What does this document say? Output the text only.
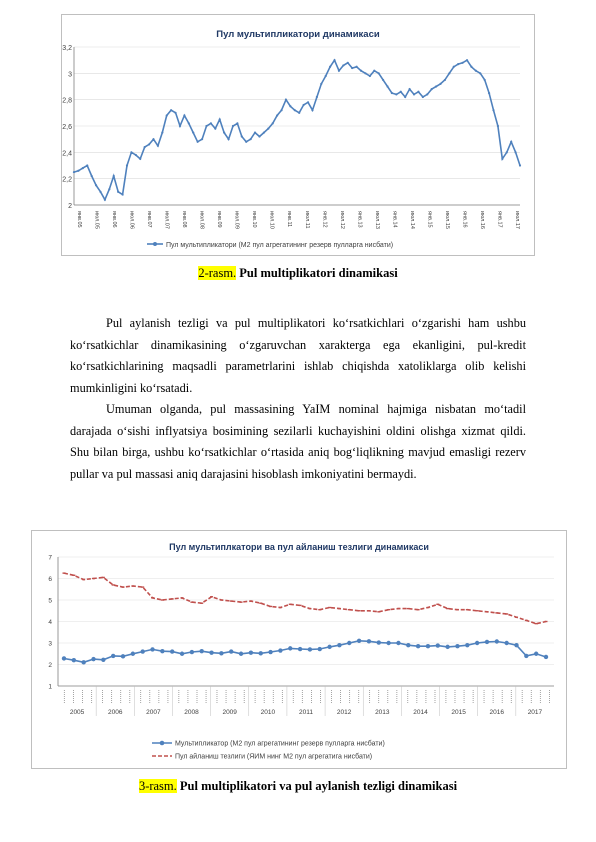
Пул мультипликатори динамикаси
2
2,2
2,4
2,6
2,8
3
3,2
янв.05 июл.05 янв.06 июл.06 янв.07 июл.07 янв.08 июл.08 янв.09 июл.09 янв.10 июл.10 янв.11 июл.11 янв.12 июл.12 янв.13 июл.13 янв.14 июл.14 янв.15 июл.15 янв.16 июл.16 янв.17 июл.17
Пул мультипликатори (М2 пул агрегатининг резерв пулларга нисбати)
2-rasm. Pul multiplikatori dinamikasi
Pul aylanish tezligi va pul multiplikatori ko‘rsatkichlari o‘zgarishi ham ushbu
ko‘rsatkichlar dinamikasining o‘zgaruvchan xarakterga ega ekanligini, pul-kredit
ko‘rsatkichlarining maqsadli parametrlarini ishlab chiqishda xatoliklarga olib kelishi
mumkinligini ko‘rsatadi.
Umuman olganda, pul massasining YaIM nominal hajmiga nisbatan mo‘tadil
darajada o‘sishi inflyatsiya bosimining sezilarli kuchayishini oldini olishga xizmat qildi.
Shu bilan birga, ushbu ko‘rsatkichlar o‘rtasida aniq bog‘liqlikning mavjud emasligi rezerv
pullar va pul massasi aniq darajasini hisoblash imkoniyatini bermaydi.
Пул мультиплкатори ва пул айланиш тезлиги динамикаси
1
2
3
4
5
6
7
2005	2006	2007	2008	2009	2010	2011	2012	2013	2014	2015	2016	2017
Мультипликатор (М2 пул агрегатининг резерв пулларга нисбати)
Пул айланиш тезлиги (ЯИМ нинг М2 пул агрегатига нисбати)
3-rasm. Pul multiplikatori va pul aylanish tezligi dinamikasi
